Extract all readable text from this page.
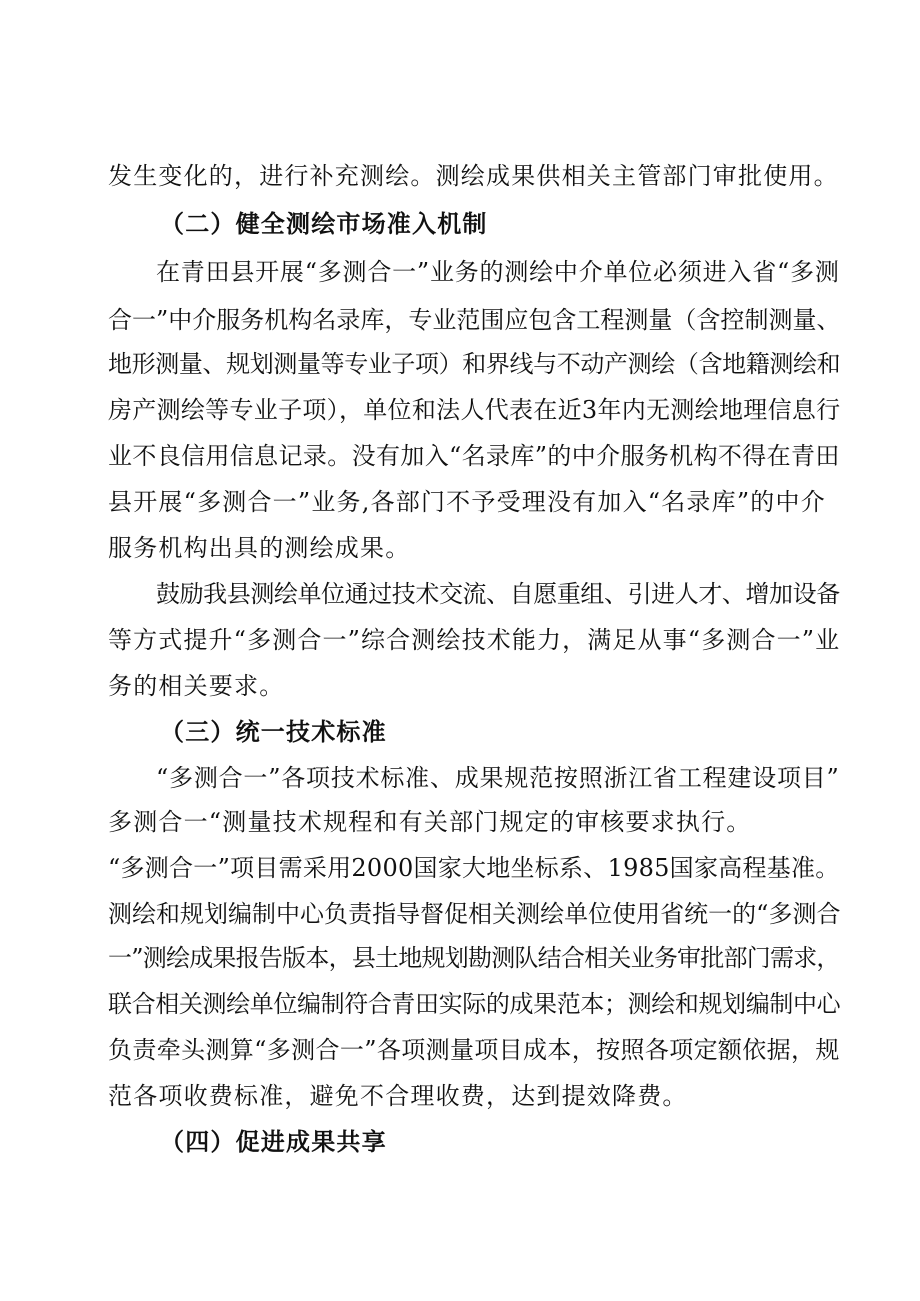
发生变化的，进行补充测绘。测绘成果供相关主管部门审批使用。
（二）健全测绘市场准入机制
在青田县开展“多测合一”业务的测绘中介单位必须进入省“多测
合一”中介服务机构名录库，专业范围应包含工程测量（含控制测量、
地形测量、规划测量等专业子项）和界线与不动产测绘（含地籍测绘和
房产测绘等专业子项），单位和法人代表在近3年内无测绘地理信息行
业不良信用信息记录。没有加入“名录库”的中介服务机构不得在青田
县开展“多测合一”业务,各部门不予受理没有加入“名录库”的中介
服务机构出具的测绘成果。
鼓励我县测绘单位通过技术交流、自愿重组、引进人才、增加设备
等方式提升“多测合一”综合测绘技术能力，满足从事“多测合一”业
务的相关要求。
（三）统一技术标准
“多测合一”各项技术标准、成果规范按照浙江省工程建设项目”
多测合一“测量技术规程和有关部门规定的审核要求执行。
“多测合一”项目需采用2000国家大地坐标系、1985国家高程基准。
测绘和规划编制中心负责指导督促相关测绘单位使用省统一的“多测合
一”测绘成果报告版本，县土地规划勘测队结合相关业务审批部门需求，
联合相关测绘单位编制符合青田实际的成果范本；测绘和规划编制中心
负责牵头测算“多测合一”各项测量项目成本，按照各项定额依据，规
范各项收费标准，避免不合理收费，达到提效降费。
（四）促进成果共享
